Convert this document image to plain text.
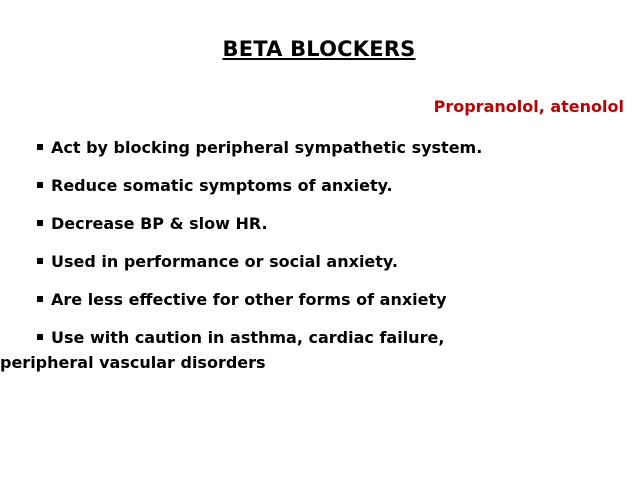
BETA BLOCKERS
Propranolol, atenolol
Act by blocking peripheral sympathetic system.
Reduce somatic symptoms of anxiety.
Decrease BP & slow HR.
Used in performance or social anxiety.
Are less effective for other forms of anxiety
Use with caution in asthma, cardiac failure,
peripheral vascular disorders
